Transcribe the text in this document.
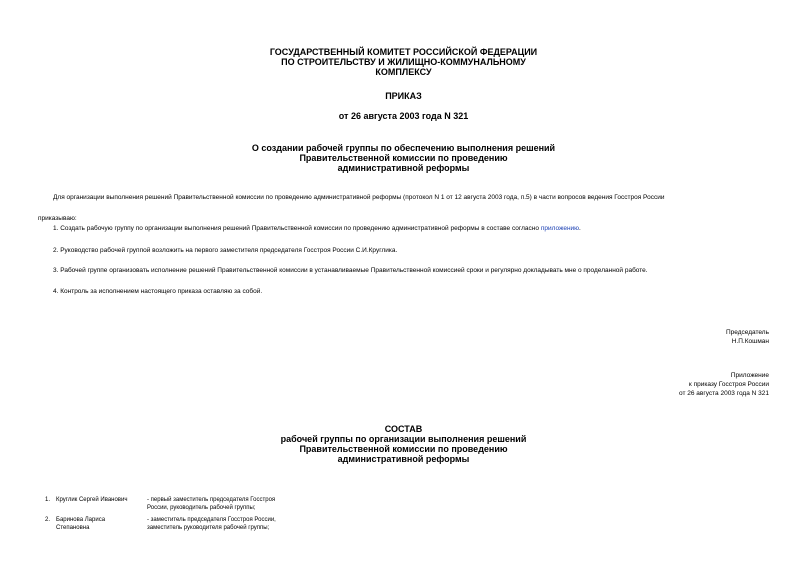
ГОСУДАРСТВЕННЫЙ КОМИТЕТ РОССИЙСКОЙ ФЕДЕРАЦИИ
ПО СТРОИТЕЛЬСТВУ И ЖИЛИЩНО-КОММУНАЛЬНОМУ
КОМПЛЕКСУ
ПРИКАЗ
от 26 августа 2003 года N 321
О создании рабочей группы по обеспечению выполнения решений
Правительственной комиссии по проведению
административной реформы
Для организации выполнения решений Правительственной комиссии по проведению административной реформы (протокол N 1 от 12 августа 2003 года, п.5) в части вопросов ведения Госстроя России
приказываю:
1. Создать рабочую группу по организации выполнения решений Правительственной комиссии по проведению административной реформы в составе согласно приложению.
2. Руководство рабочей группой возложить на первого заместителя председателя Госстроя России С.И.Круглика.
3. Рабочей группе организовать исполнение решений Правительственной комиссии в устанавливаемые Правительственной комиссией сроки и регулярно докладывать мне о проделанной работе.
4. Контроль за исполнением настоящего приказа оставляю за собой.
Председатель
Н.П.Кошман
Приложение
к приказу Госстроя России
от 26 августа 2003 года N 321
СОСТАВ
рабочей группы по организации выполнения решений
Правительственной комиссии по проведению
административной реформы
1. Круглик Сергей Иванович	- первый заместитель председателя Госстроя
России, руководитель рабочей группы;
2. Баринова Лариса
Степановна
- заместитель председателя Госстроя России,
заместитель руководителя рабочей группы;
